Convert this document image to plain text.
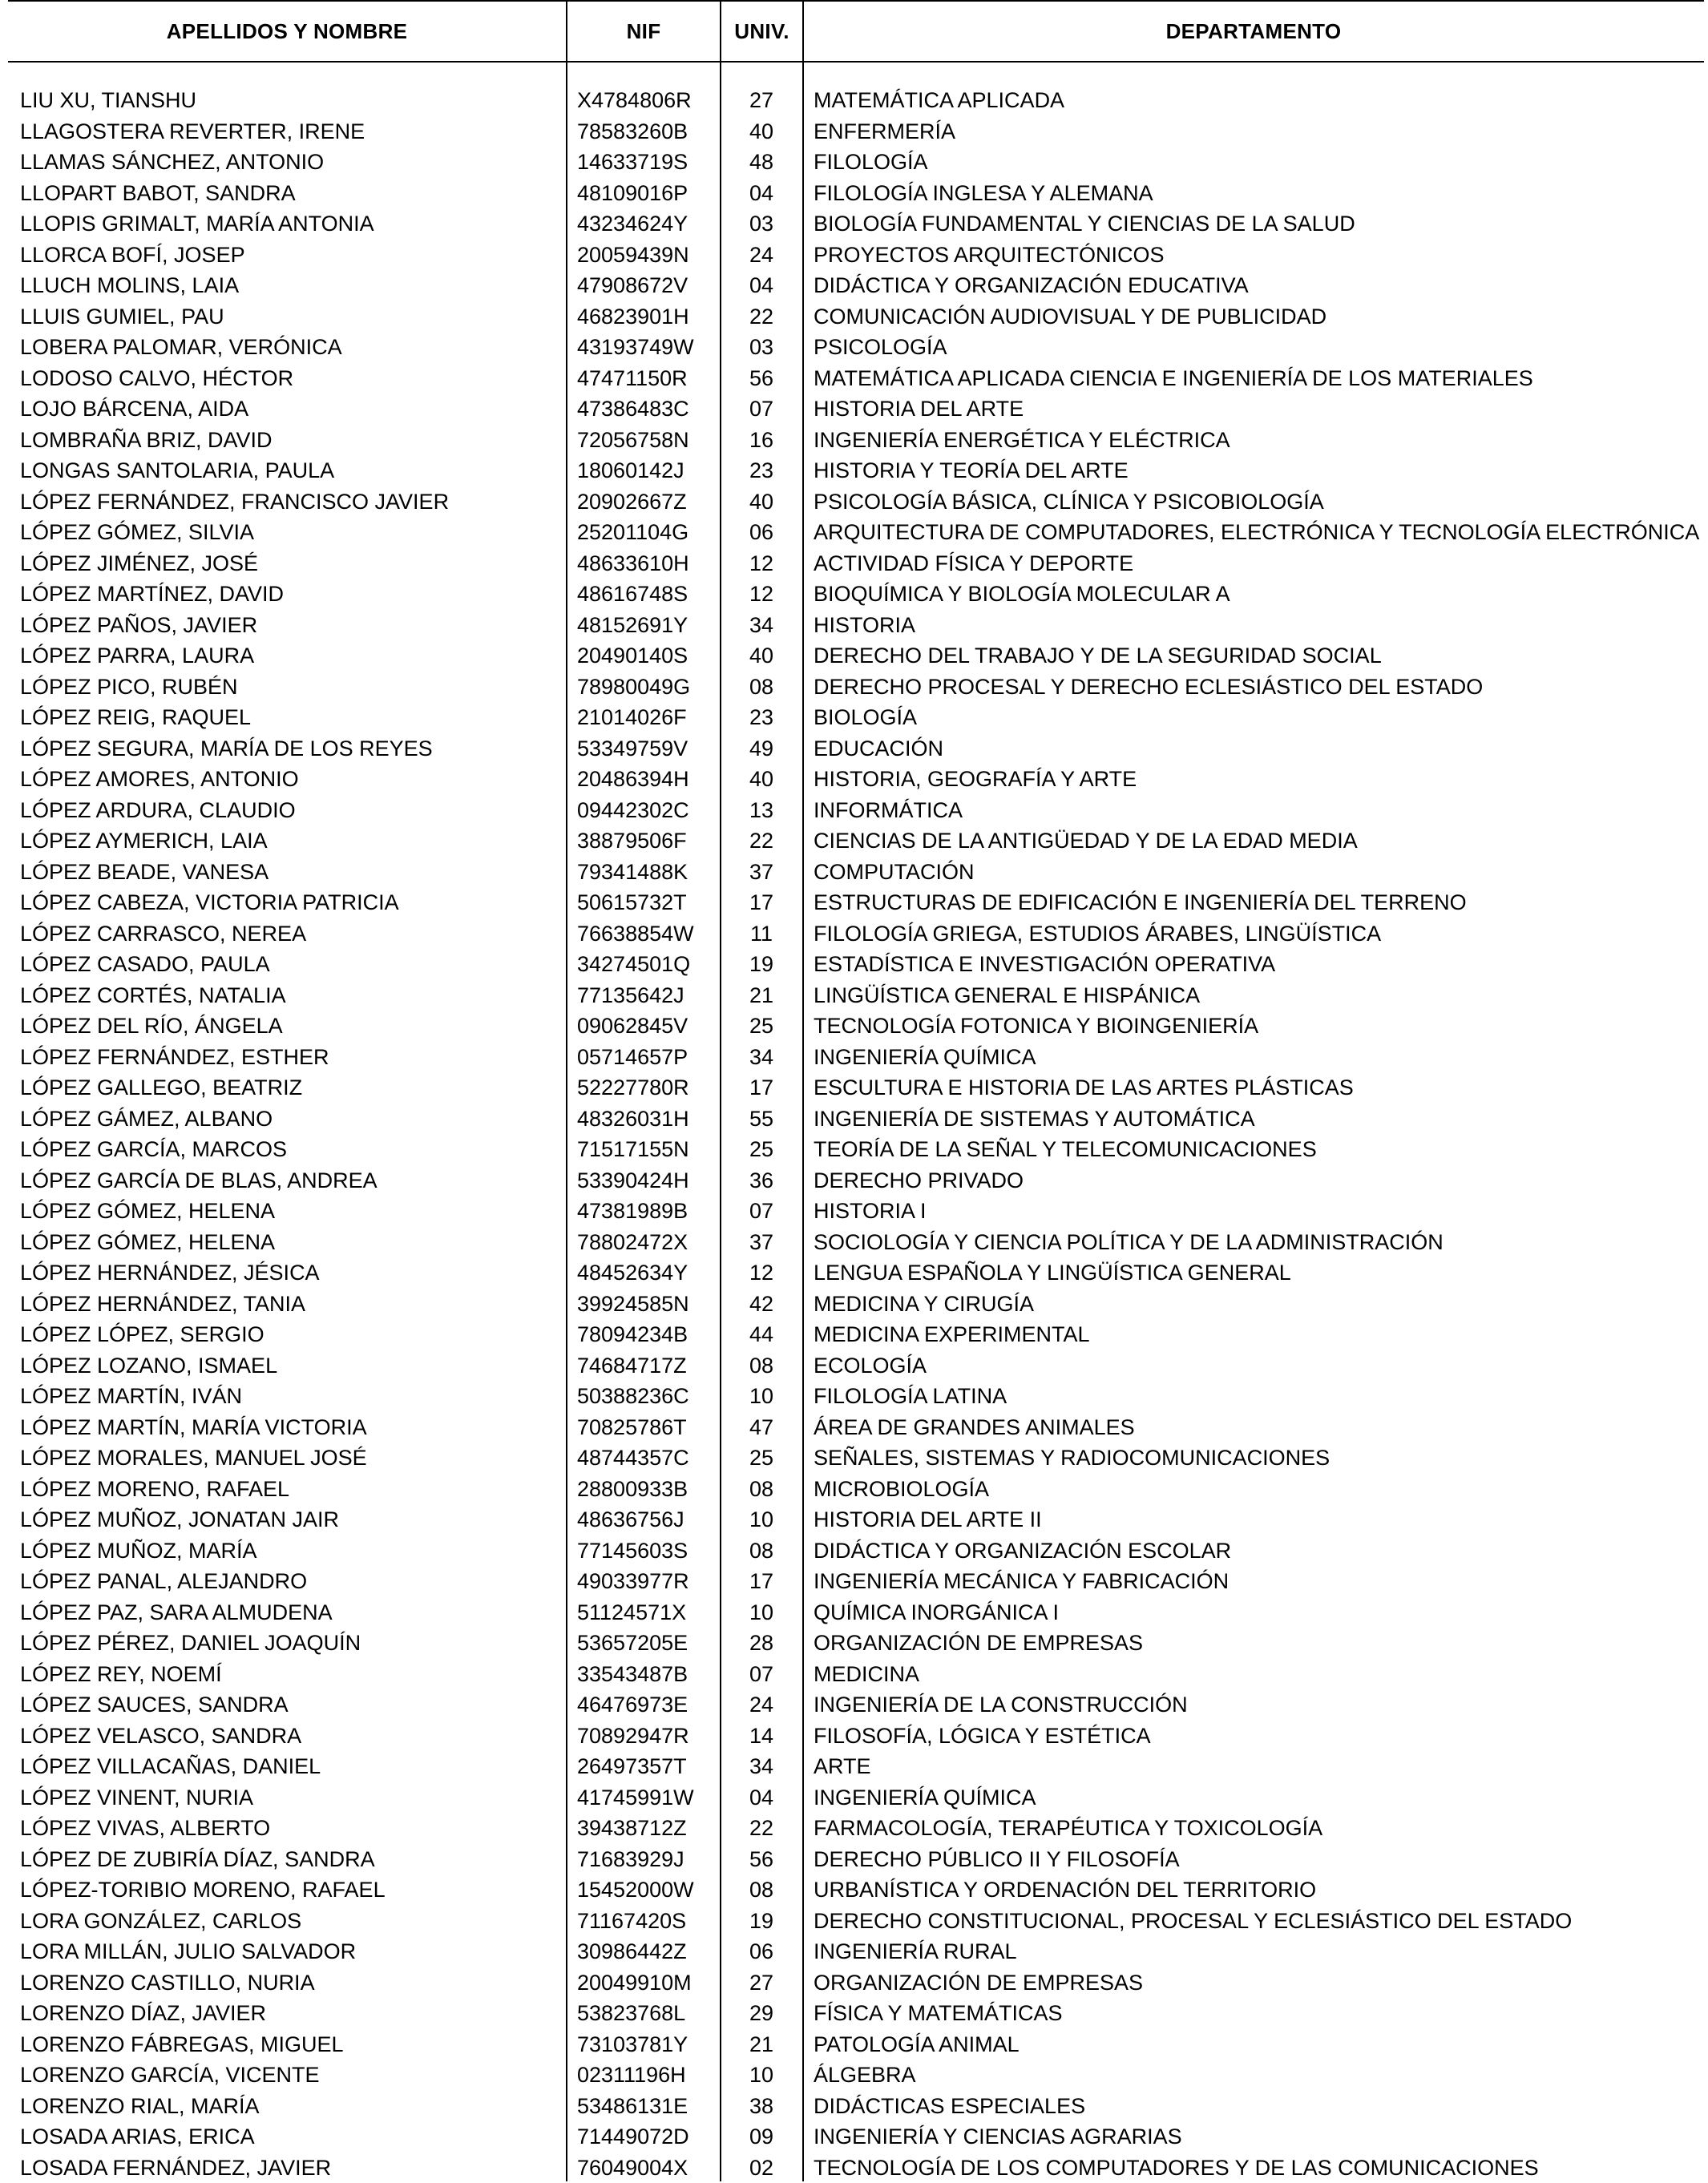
APELLIDOS Y NOMBRE	NIF	UNIV.	DEPARTAMENTO
LIU XU, TIANSHU	X4784806R	27	MATEMÁTICA APLICADA
LLAGOSTERA REVERTER, IRENE	78583260B	40	ENFERMERÍA
LLAMAS SÁNCHEZ, ANTONIO	14633719S	48	FILOLOGÍA
LLOPART BABOT, SANDRA	48109016P	04	FILOLOGÍA INGLESA Y ALEMANA
LLOPIS GRIMALT, MARÍA ANTONIA	43234624Y	03	BIOLOGÍA FUNDAMENTAL Y CIENCIAS DE LA SALUD
LLORCA BOFÍ, JOSEP	20059439N	24	PROYECTOS ARQUITECTÓNICOS
LLUCH MOLINS, LAIA	47908672V	04	DIDÁCTICA Y ORGANIZACIÓN EDUCATIVA
LLUIS GUMIEL, PAU	46823901H	22	COMUNICACIÓN AUDIOVISUAL Y DE PUBLICIDAD
LOBERA PALOMAR, VERÓNICA	43193749W	03	PSICOLOGÍA
LODOSO CALVO, HÉCTOR	47471150R	56	MATEMÁTICA APLICADA CIENCIA E INGENIERÍA DE LOS MATERIALES
LOJO BÁRCENA, AIDA	47386483C	07	HISTORIA DEL ARTE
LOMBRAÑA BRIZ, DAVID	72056758N	16	INGENIERÍA ENERGÉTICA Y ELÉCTRICA
LONGAS SANTOLARIA, PAULA	18060142J	23	HISTORIA Y TEORÍA DEL ARTE
LÓPEZ FERNÁNDEZ, FRANCISCO JAVIER	20902667Z	40	PSICOLOGÍA BÁSICA, CLÍNICA Y PSICOBIOLOGÍA
LÓPEZ GÓMEZ, SILVIA	25201104G	06	ARQUITECTURA DE COMPUTADORES, ELECTRÓNICA Y TECNOLOGÍA ELECTRÓNICA
LÓPEZ JIMÉNEZ, JOSÉ	48633610H	12	ACTIVIDAD FÍSICA Y DEPORTE
LÓPEZ MARTÍNEZ, DAVID	48616748S	12	BIOQUÍMICA Y BIOLOGÍA MOLECULAR A
LÓPEZ PAÑOS, JAVIER	48152691Y	34	HISTORIA
LÓPEZ PARRA, LAURA	20490140S	40	DERECHO DEL TRABAJO Y DE LA SEGURIDAD SOCIAL
LÓPEZ PICO, RUBÉN	78980049G	08	DERECHO PROCESAL Y DERECHO ECLESIÁSTICO DEL ESTADO
LÓPEZ REIG, RAQUEL	21014026F	23	BIOLOGÍA
LÓPEZ SEGURA, MARÍA DE LOS REYES	53349759V	49	EDUCACIÓN
LÓPEZ AMORES, ANTONIO	20486394H	40	HISTORIA, GEOGRAFÍA Y ARTE
LÓPEZ ARDURA, CLAUDIO	09442302C	13	INFORMÁTICA
LÓPEZ AYMERICH, LAIA	38879506F	22	CIENCIAS DE LA ANTIGÜEDAD Y DE LA EDAD MEDIA
LÓPEZ BEADE, VANESA	79341488K	37	COMPUTACIÓN
LÓPEZ CABEZA, VICTORIA PATRICIA	50615732T	17	ESTRUCTURAS DE EDIFICACIÓN E INGENIERÍA DEL TERRENO
LÓPEZ CARRASCO, NEREA	76638854W	11	FILOLOGÍA GRIEGA, ESTUDIOS ÁRABES, LINGÜÍSTICA
LÓPEZ CASADO, PAULA	34274501Q	19	ESTADÍSTICA E INVESTIGACIÓN OPERATIVA
LÓPEZ CORTÉS, NATALIA	77135642J	21	LINGÜÍSTICA GENERAL E HISPÁNICA
LÓPEZ DEL RÍO, ÁNGELA	09062845V	25	TECNOLOGÍA FOTONICA Y BIOINGENIERÍA
LÓPEZ FERNÁNDEZ, ESTHER	05714657P	34	INGENIERÍA QUÍMICA
LÓPEZ GALLEGO, BEATRIZ	52227780R	17	ESCULTURA E HISTORIA DE LAS ARTES PLÁSTICAS
LÓPEZ GÁMEZ, ALBANO	48326031H	55	INGENIERÍA DE SISTEMAS Y AUTOMÁTICA
LÓPEZ GARCÍA, MARCOS	71517155N	25	TEORÍA DE LA SEÑAL Y TELECOMUNICACIONES
LÓPEZ GARCÍA DE BLAS, ANDREA	53390424H	36	DERECHO PRIVADO
LÓPEZ GÓMEZ, HELENA	47381989B	07	HISTORIA I
LÓPEZ GÓMEZ, HELENA	78802472X	37	SOCIOLOGÍA Y CIENCIA POLÍTICA Y DE LA ADMINISTRACIÓN
LÓPEZ HERNÁNDEZ, JÉSICA	48452634Y	12	LENGUA ESPAÑOLA Y LINGÜÍSTICA GENERAL
LÓPEZ HERNÁNDEZ, TANIA	39924585N	42	MEDICINA Y CIRUGÍA
LÓPEZ LÓPEZ, SERGIO	78094234B	44	MEDICINA EXPERIMENTAL
LÓPEZ LOZANO, ISMAEL	74684717Z	08	ECOLOGÍA
LÓPEZ MARTÍN, IVÁN	50388236C	10	FILOLOGÍA LATINA
LÓPEZ MARTÍN, MARÍA VICTORIA	70825786T	47	ÁREA DE GRANDES ANIMALES
LÓPEZ MORALES, MANUEL JOSÉ	48744357C	25	SEÑALES, SISTEMAS Y RADIOCOMUNICACIONES
LÓPEZ MORENO, RAFAEL	28800933B	08	MICROBIOLOGÍA
LÓPEZ MUÑOZ, JONATAN JAIR	48636756J	10	HISTORIA DEL ARTE II
LÓPEZ MUÑOZ, MARÍA	77145603S	08	DIDÁCTICA Y ORGANIZACIÓN ESCOLAR
LÓPEZ PANAL, ALEJANDRO	49033977R	17	INGENIERÍA MECÁNICA Y FABRICACIÓN
LÓPEZ PAZ, SARA ALMUDENA	51124571X	10	QUÍMICA INORGÁNICA I
LÓPEZ PÉREZ, DANIEL JOAQUÍN	53657205E	28	ORGANIZACIÓN DE EMPRESAS
LÓPEZ REY, NOEMÍ	33543487B	07	MEDICINA
LÓPEZ SAUCES, SANDRA	46476973E	24	INGENIERÍA DE LA CONSTRUCCIÓN
LÓPEZ VELASCO, SANDRA	70892947R	14	FILOSOFÍA, LÓGICA Y ESTÉTICA
LÓPEZ VILLACAÑAS, DANIEL	26497357T	34	ARTE
LÓPEZ VINENT, NURIA	41745991W	04	INGENIERÍA QUÍMICA
LÓPEZ VIVAS, ALBERTO	39438712Z	22	FARMACOLOGÍA, TERAPÉUTICA Y TOXICOLOGÍA
LÓPEZ DE ZUBIRÍA DÍAZ, SANDRA	71683929J	56	DERECHO PÚBLICO II Y FILOSOFÍA
LÓPEZ-TORIBIO MORENO, RAFAEL	15452000W	08	URBANÍSTICA Y ORDENACIÓN DEL TERRITORIO
LORA GONZÁLEZ, CARLOS	71167420S	19	DERECHO CONSTITUCIONAL, PROCESAL Y ECLESIÁSTICO DEL ESTADO
LORA MILLÁN, JULIO SALVADOR	30986442Z	06	INGENIERÍA RURAL
LORENZO CASTILLO, NURIA	20049910M	27	ORGANIZACIÓN DE EMPRESAS
LORENZO DÍAZ, JAVIER	53823768L	29	FÍSICA Y MATEMÁTICAS
LORENZO FÁBREGAS, MIGUEL	73103781Y	21	PATOLOGÍA ANIMAL
LORENZO GARCÍA, VICENTE	02311196H	10	ÁLGEBRA
LORENZO RIAL, MARÍA	53486131E	38	DIDÁCTICAS ESPECIALES
LOSADA ARIAS, ERICA	71449072D	09	INGENIERÍA Y CIENCIAS AGRARIAS
LOSADA FERNÁNDEZ, JAVIER	76049004X	02	TECNOLOGÍA DE LOS COMPUTADORES Y DE LAS COMUNICACIONES
